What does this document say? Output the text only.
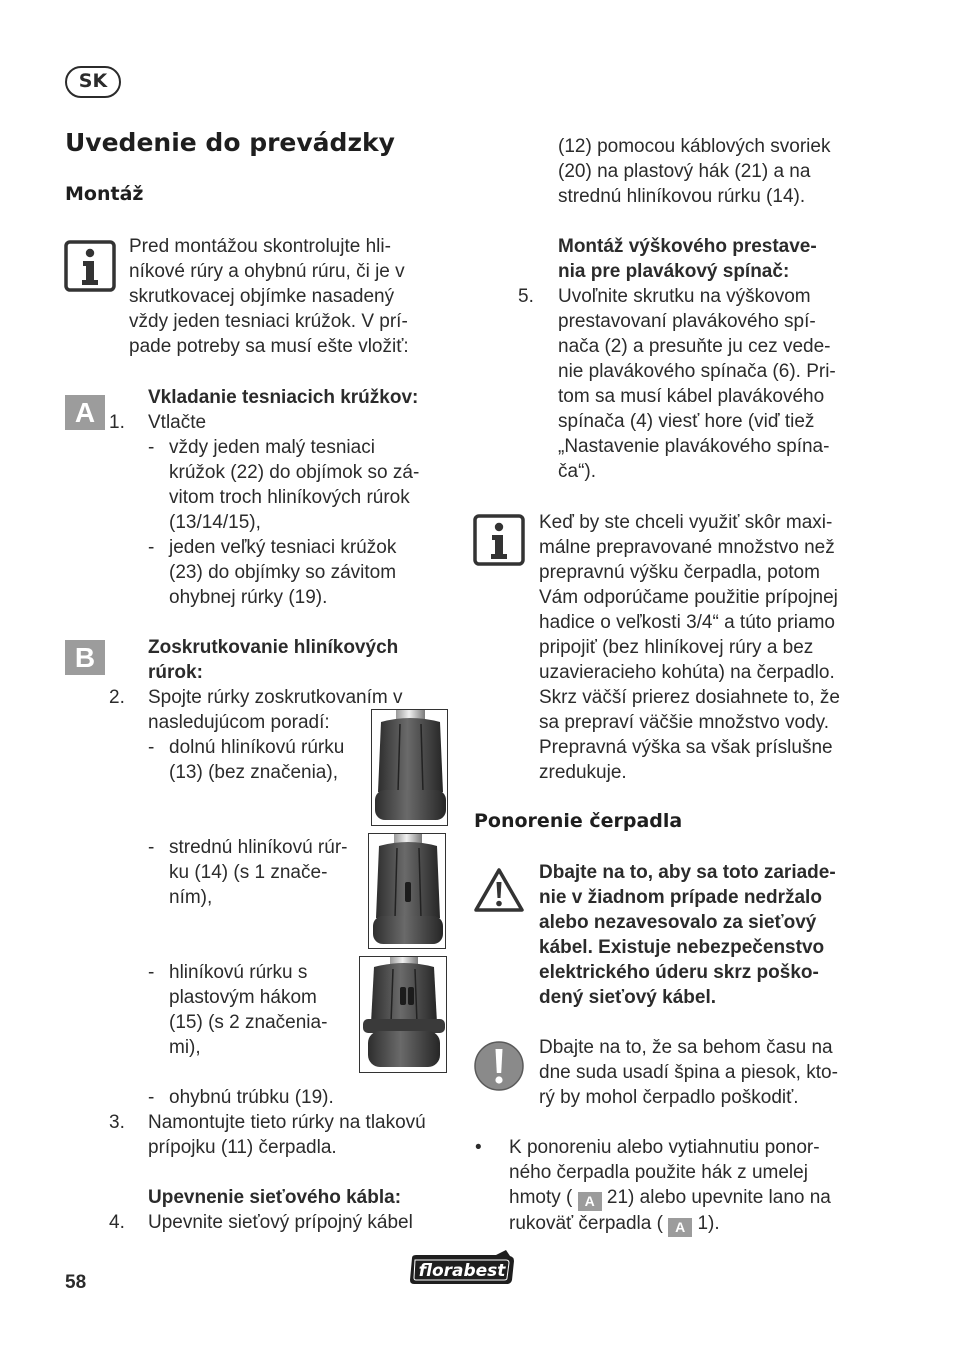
SK
Uvedenie do prevádzky
Montáž
Pred montážou skontrolujte hli-
níkové rúry a ohybnú rúru, či je v
skrutkovacej objímke nasadený
vždy jeden tesniaci krúžok. V prí-
pade potreby sa musí ešte vložiť:
A	Vkladanie tesniacich krúžkov:
1. Vtlačte
- vždy jeden malý tesniaci
krúžok (22) do objímok so zá-
vitom troch hliníkových rúrok
(13/14/15),
- jeden veľký tesniaci krúžok
(23) do objímky so závitom
ohybnej rúrky (19).
B	Zoskrutkovanie hliníkových
rúrok:
2. Spojte rúrky zoskrutkovaním v
nasledujúcom poradí:
- dolnú hliníkovú rúrku
(13) (bez značenia),
- strednú hliníkovú rúr-
ku (14) (s 1 znače-
ním),
- hliníkovú rúrku s
plastovým hákom
(15) (s 2 značenia-
mi),
- ohybnú trúbku (19).
3. Namontujte tieto rúrky na tlakovú
prípojku (11) čerpadla.
Upevnenie sieťového kábla:
4. Upevnite sieťový prípojný kábel
(12) pomocou káblových svoriek
(20) na plastový hák (21) a na
strednú hliníkovou rúrku (14).
Montáž výškového prestave-
nia pre plavákový spínač:
5. Uvoľnite skrutku na výškovom
prestavovaní plavákového spí-
nača (2) a presuňte ju cez vede-
nie plavákového spínača (6). Pri-
tom sa musí kábel plavákového
spínača (4) viesť hore (viď tiež
„Nastavenie plavákového spína-
ča“).
Keď by ste chceli využiť skôr maxi-
málne prepravované množstvo než
prepravnú výšku čerpadla, potom
Vám odporúčame použitie prípojnej
hadice o veľkosti 3/4“ a túto priamo
pripojiť (bez hliníkovej rúry a bez
uzavieracieho kohúta) na čerpadlo.
Skrz väčší prierez dosiahnete to, že
sa prepraví väčšie množstvo vody.
Prepravná výška sa však príslušne
zredukuje.
Ponorenie čerpadla
Dbajte na to, aby sa toto zariade-
nie v žiadnom prípade nedržalo
alebo nezavesovalo za sieťový
kábel. Existuje nebezpečenstvo
elektrického úderu skrz poško-
dený sieťový kábel.
Dbajte na to, že sa behom času na
dne suda usadí špina a piesok, kto-
rý by mohol čerpadlo poškodiť.
• K ponoreniu alebo vytiahnutiu ponor-
ného čerpadla použite hák z umelej
hmoty ( A 21) alebo upevnite lano na
rukoväť čerpadla ( A 1).
58
florabest
